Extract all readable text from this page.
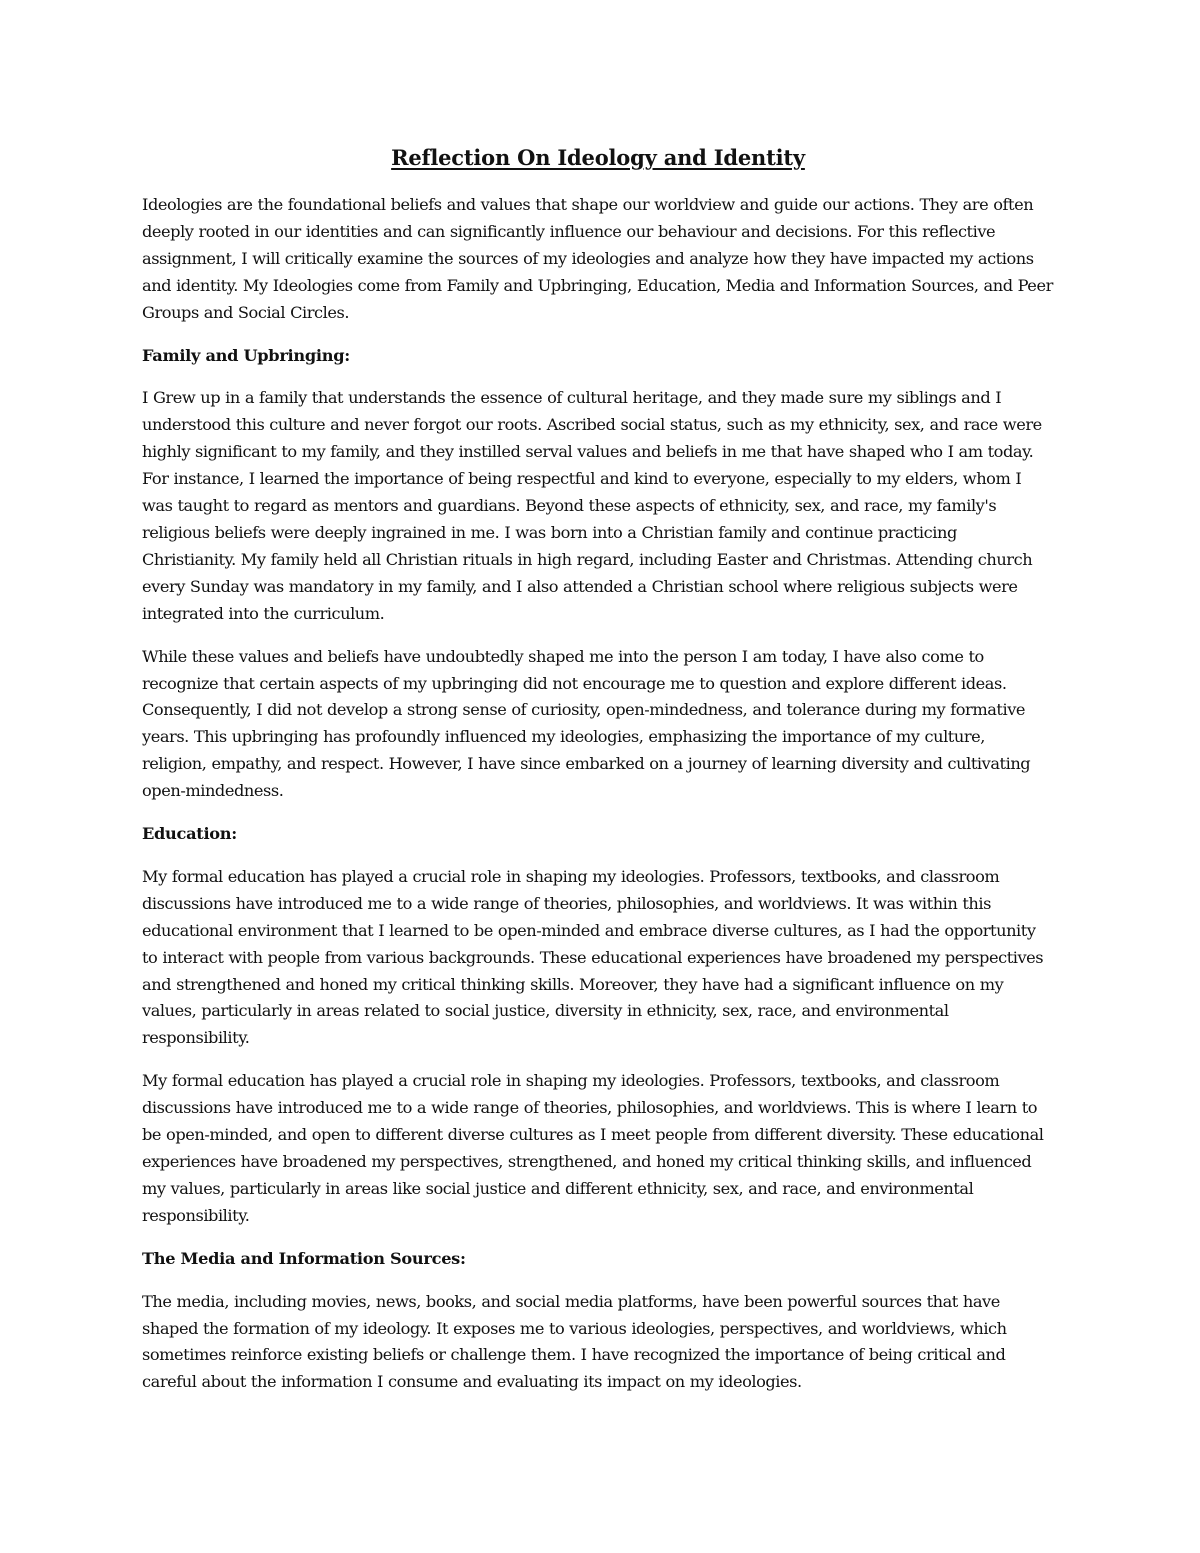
Reflection On Ideology and Identity

Ideologies are the foundational beliefs and values that shape our worldview and guide our actions. They are often deeply rooted in our identities and can significantly influence our behaviour and decisions. For this reflective assignment, I will critically examine the sources of my ideologies and analyze how they have impacted my actions and identity. My Ideologies come from Family and Upbringing, Education, Media and Information Sources, and Peer Groups and Social Circles.

Family and Upbringing:

I Grew up in a family that understands the essence of cultural heritage, and they made sure my siblings and I understood this culture and never forgot our roots. Ascribed social status, such as my ethnicity, sex, and race were highly significant to my family, and they instilled serval values and beliefs in me that have shaped who I am today. For instance, I learned the importance of being respectful and kind to everyone, especially to my elders, whom I was taught to regard as mentors and guardians. Beyond these aspects of ethnicity, sex, and race, my family's religious beliefs were deeply ingrained in me. I was born into a Christian family and continue practicing Christianity. My family held all Christian rituals in high regard, including Easter and Christmas. Attending church every Sunday was mandatory in my family, and I also attended a Christian school where religious subjects were integrated into the curriculum.

While these values and beliefs have undoubtedly shaped me into the person I am today, I have also come to recognize that certain aspects of my upbringing did not encourage me to question and explore different ideas. Consequently, I did not develop a strong sense of curiosity, open-mindedness, and tolerance during my formative years. This upbringing has profoundly influenced my ideologies, emphasizing the importance of my culture, religion, empathy, and respect. However, I have since embarked on a journey of learning diversity and cultivating open-mindedness.

Education:

My formal education has played a crucial role in shaping my ideologies. Professors, textbooks, and classroom discussions have introduced me to a wide range of theories, philosophies, and worldviews. It was within this educational environment that I learned to be open-minded and embrace diverse cultures, as I had the opportunity to interact with people from various backgrounds. These educational experiences have broadened my perspectives and strengthened and honed my critical thinking skills. Moreover, they have had a significant influence on my values, particularly in areas related to social justice, diversity in ethnicity, sex, race, and environmental responsibility.

My formal education has played a crucial role in shaping my ideologies. Professors, textbooks, and classroom discussions have introduced me to a wide range of theories, philosophies, and worldviews. This is where I learn to be open-minded, and open to different diverse cultures as I meet people from different diversity. These educational experiences have broadened my perspectives, strengthened, and honed my critical thinking skills, and influenced my values, particularly in areas like social justice and different ethnicity, sex, and race, and environmental responsibility.

The Media and Information Sources:

The media, including movies, news, books, and social media platforms, have been powerful sources that have shaped the formation of my ideology. It exposes me to various ideologies, perspectives, and worldviews, which sometimes reinforce existing beliefs or challenge them. I have recognized the importance of being critical and careful about the information I consume and evaluating its impact on my ideologies.
